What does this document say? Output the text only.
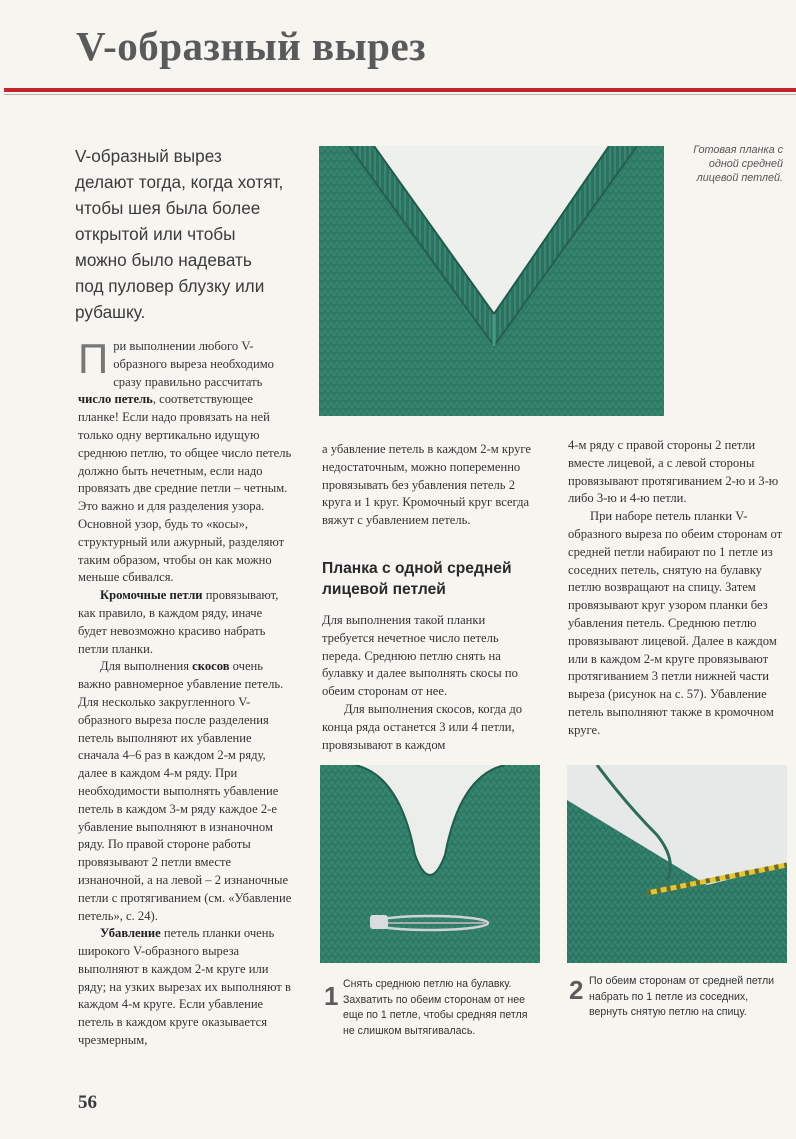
V-образный вырез
V-образный вырез делают тогда, когда хотят, чтобы шея была более открытой или чтобы можно было надевать под пуловер блузку или рубашку.
Готовая планка с одной средней лицевой петлей.

При выполнении любого V-образного выреза необходимо сразу правильно рассчитать число петель, соответствующее планке! Если надо провязать на ней только одну вертикально идущую среднюю петлю, то общее число петель должно быть нечетным, если надо провязать две средние петли – четным. Это важно и для разделения узора. Основной узор, будь то «косы», структурный или ажурный, разделяют таким образом, чтобы он как можно меньше сбивался.

Кромочные петли провязывают, как правило, в каждом ряду, иначе будет невозможно красиво набрать петли планки.

Для выполнения скосов очень важно равномерное убавление петель. Для несколько закругленного V-образного выреза после разделения петель выполняют их убавление сначала 4–6 раз в каждом 2-м ряду, далее в каждом 4-м ряду. При необходимости выполнять убавление петель в каждом 3-м ряду каждое 2-е убавление выполняют в изнаночном ряду. По правой стороне работы провязывают 2 петли вместе изнаночной, а на левой – 2 изнаночные петли с протягиванием (см. «Убавление петель», с. 24).

Убавление петель планки очень широкого V-образного выреза выполняют в каждом 2-м круге или ряду; на узких вырезах их выполняют в каждом 4-м круге. Если убавление петель в каждом круге оказывается чрезмерным,

а убавление петель в каждом 2-м круге недостаточным, можно попеременно провязывать без убавления петель 2 круга и 1 круг. Кромочный круг всегда вяжут с убавлением петель.

Планка с одной средней лицевой петлей

Для выполнения такой планки требуется нечетное число петель переда. Среднюю петлю снять на булавку и далее выполнять скосы по обеим сторонам от нее.

Для выполнения скосов, когда до конца ряда останется 3 или 4 петли, провязывают в каждом

4-м ряду с правой стороны 2 петли вместе лицевой, а с левой стороны провязывают протягиванием 2-ю и 3-ю либо 3-ю и 4-ю петли.

При наборе петель планки V-образного выреза по обеим сторонам от средней петли набирают по 1 петле из соседних петель, снятую на булавку петлю возвращают на спицу. Затем провязывают круг узором планки без убавления петель. Среднюю петлю провязывают лицевой. Далее в каждом или в каждом 2-м круге провязывают протягиванием 3 петли нижней части выреза (рисунок на с. 57). Убавление петель выполняют также в кромочном круге.

1 Снять среднюю петлю на булавку. Захватить по обеим сторонам от нее еще по 1 петле, чтобы средняя петля не слишком вытягивалась.
2 По обеим сторонам от средней петли набрать по 1 петле из соседних, вернуть снятую петлю на спицу.
56
